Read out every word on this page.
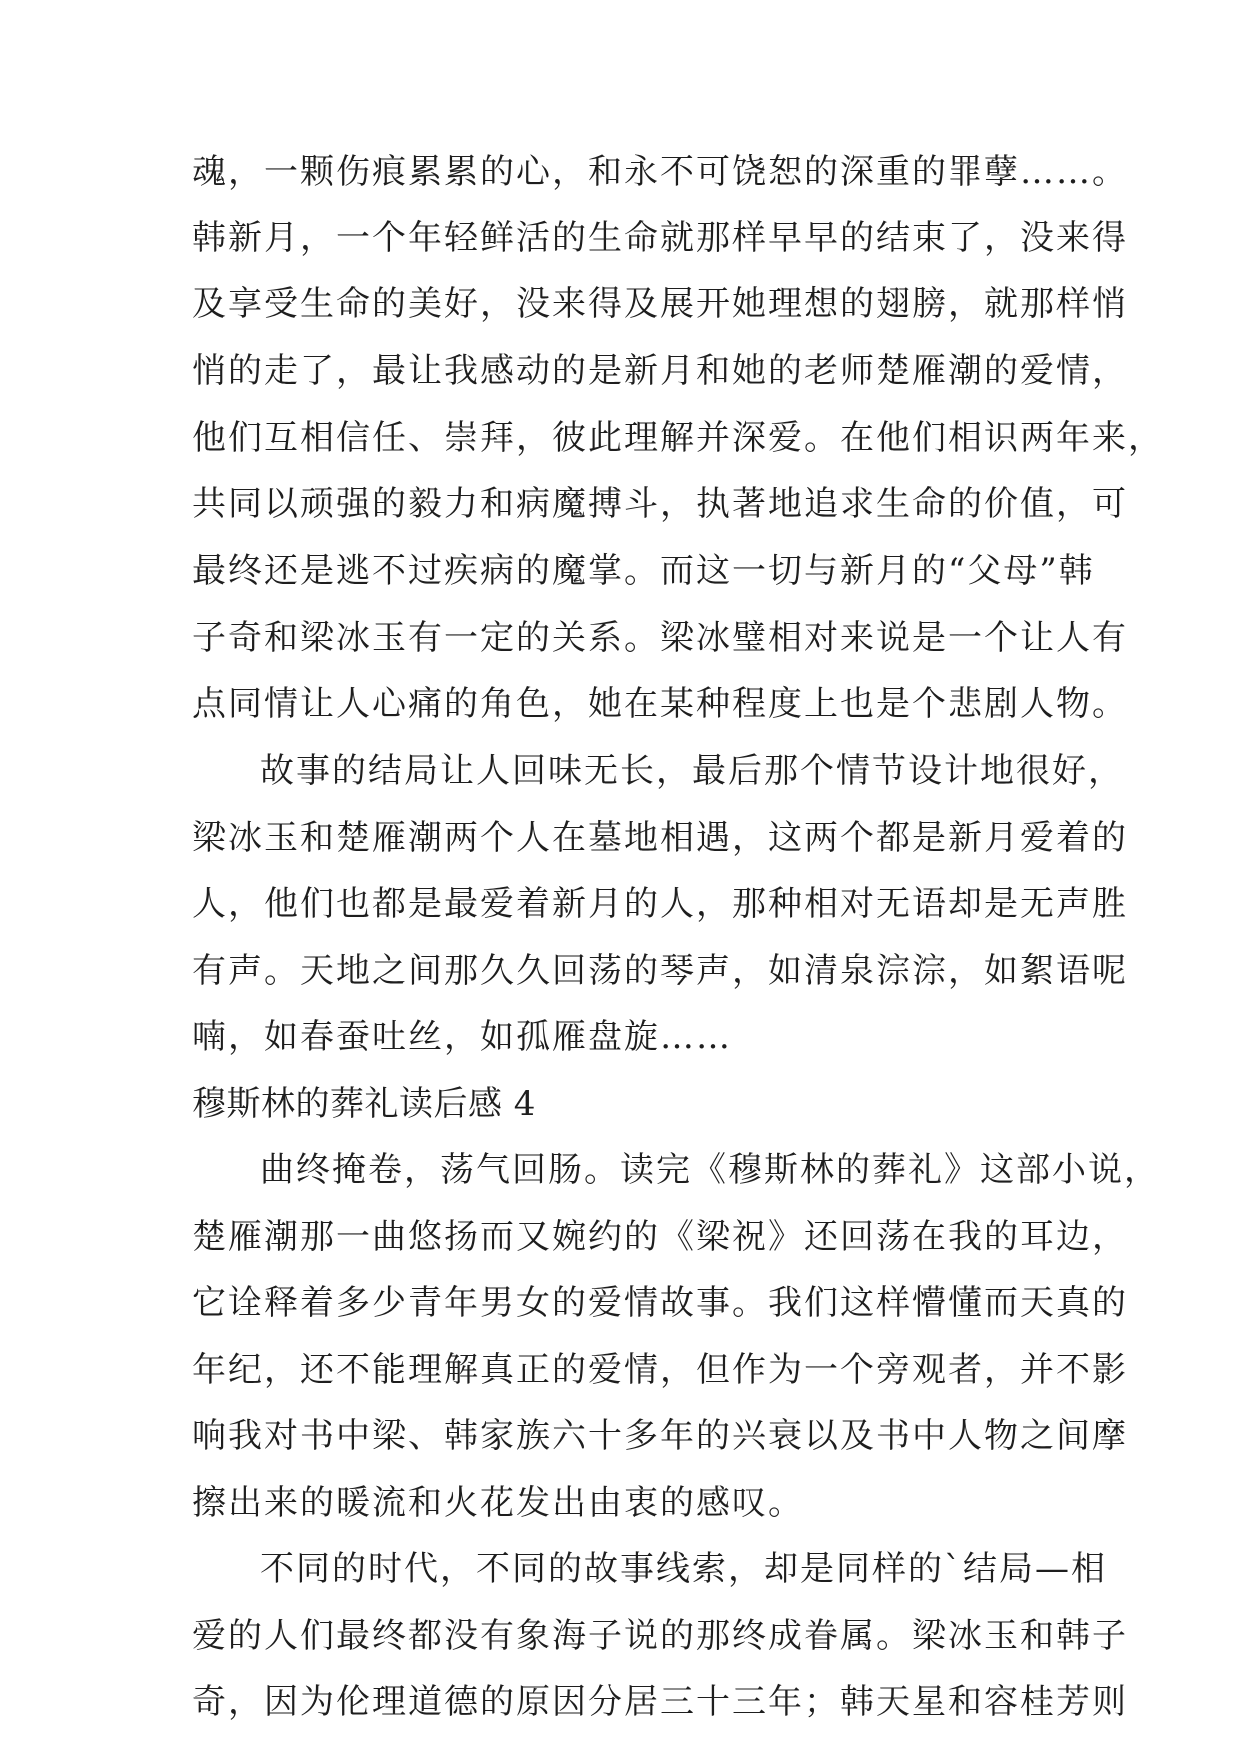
魂，一颗伤痕累累的心，和永不可饶恕的深重的罪孽……。
韩新月，一个年轻鲜活的生命就那样早早的结束了，没来得
及享受生命的美好，没来得及展开她理想的翅膀，就那样悄
悄的走了，最让我感动的是新月和她的老师楚雁潮的爱情，
他们互相信任、崇拜，彼此理解并深爱。在他们相识两年来，
共同以顽强的毅力和病魔搏斗，执著地追求生命的价值，可
最终还是逃不过疾病的魔掌。而这一切与新月的“父母”韩
子奇和梁冰玉有一定的关系。梁冰璧相对来说是一个让人有
点同情让人心痛的角色，她在某种程度上也是个悲剧人物。
故事的结局让人回味无长，最后那个情节设计地很好，
梁冰玉和楚雁潮两个人在墓地相遇，这两个都是新月爱着的
人，他们也都是最爱着新月的人，那种相对无语却是无声胜
有声。天地之间那久久回荡的琴声，如清泉淙淙，如絮语呢
喃，如春蚕吐丝，如孤雁盘旋……
穆斯林的葬礼读后感 4
曲终掩卷，荡气回肠。读完《穆斯林的葬礼》这部小说，
楚雁潮那一曲悠扬而又婉约的《梁祝》还回荡在我的耳边，
它诠释着多少青年男女的爱情故事。我们这样懵懂而天真的
年纪，还不能理解真正的爱情，但作为一个旁观者，并不影
响我对书中梁、韩家族六十多年的兴衰以及书中人物之间摩
擦出来的暖流和火花发出由衷的感叹。
不同的时代，不同的故事线索，却是同样的`结局—相
爱的人们最终都没有象海子说的那终成眷属。梁冰玉和韩子
奇，因为伦理道德的原因分居三十三年；韩天星和容桂芳则
